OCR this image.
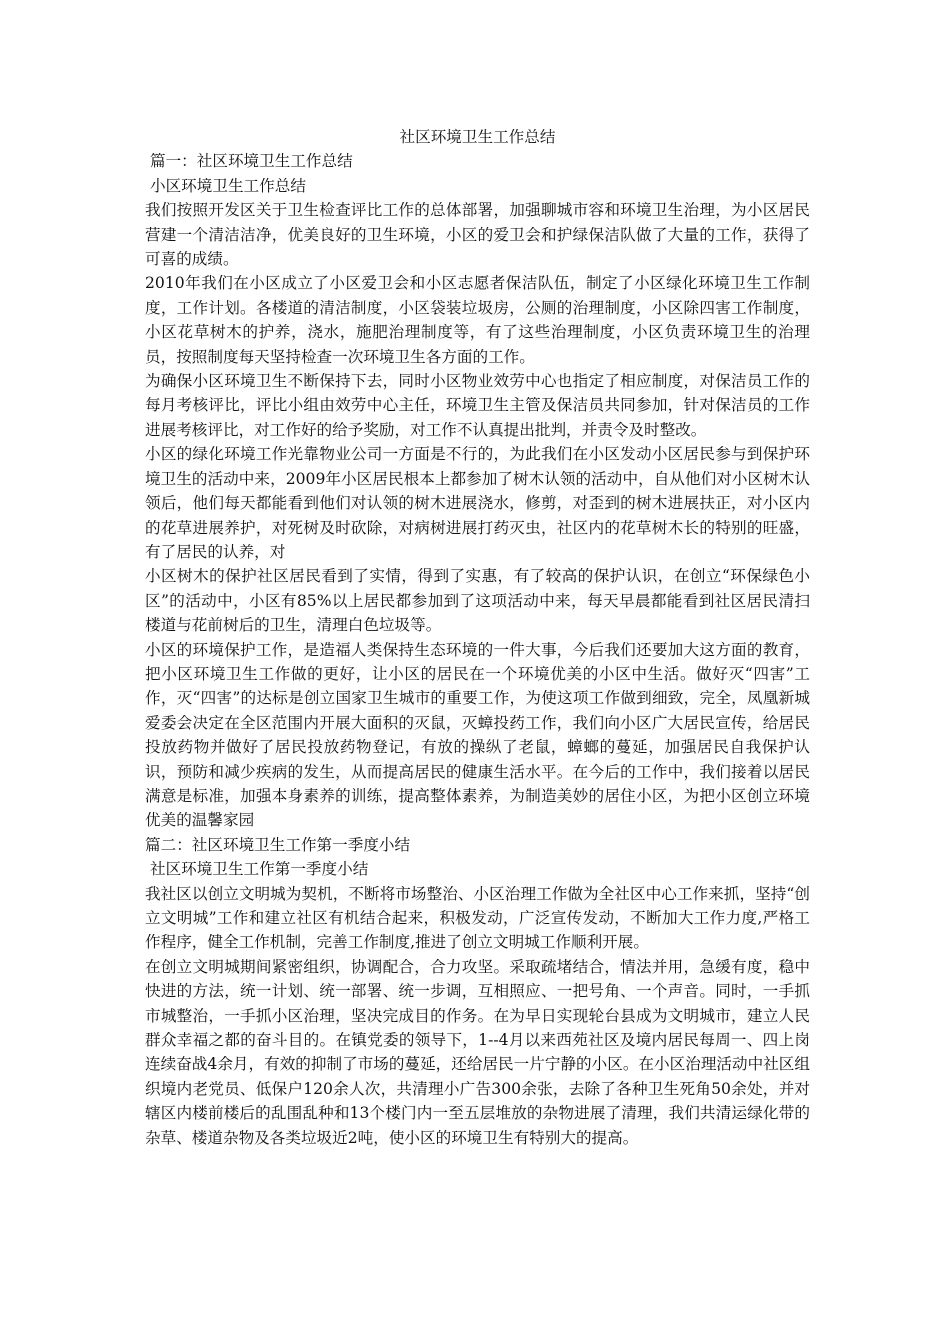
社区环境卫生工作总结

篇一：社区环境卫生工作总结

小区环境卫生工作总结

我们按照开发区关于卫生检查评比工作的总体部署，加强聊城市容和环境卫生治理，为小区居民营建一个清洁洁净，优美良好的卫生环境，小区的爱卫会和护绿保洁队做了大量的工作，获得了可喜的成绩。

2010年我们在小区成立了小区爱卫会和小区志愿者保洁队伍，制定了小区绿化环境卫生工作制度，工作计划。各楼道的清洁制度，小区袋装垃圾房，公厕的治理制度，小区除四害工作制度，小区花草树木的护养，浇水，施肥治理制度等，有了这些治理制度，小区负责环境卫生的治理员，按照制度每天坚持检查一次环境卫生各方面的工作。

为确保小区环境卫生不断保持下去，同时小区物业效劳中心也指定了相应制度，对保洁员工作的每月考核评比，评比小组由效劳中心主任，环境卫生主管及保洁员共同参加，针对保洁员的工作进展考核评比，对工作好的给予奖励，对工作不认真提出批判，并责令及时整改。

小区的绿化环境工作光靠物业公司一方面是不行的，为此我们在小区发动小区居民参与到保护环境卫生的活动中来，2009年小区居民根本上都参加了树木认领的活动中，自从他们对小区树木认领后，他们每天都能看到他们对认领的树木进展浇水，修剪，对歪到的树木进展扶正，对小区内的花草进展养护，对死树及时砍除，对病树进展打药灭虫，社区内的花草树木长的特别的旺盛，有了居民的认养，对

小区树木的保护社区居民看到了实情，得到了实惠，有了较高的保护认识，在创立“环保绿色小区”的活动中，小区有85%以上居民都参加到了这项活动中来，每天早晨都能看到社区居民清扫楼道与花前树后的卫生，清理白色垃圾等。

小区的环境保护工作，是造福人类保持生态环境的一件大事，今后我们还要加大这方面的教育，把小区环境卫生工作做的更好，让小区的居民在一个环境优美的小区中生活。做好灭“四害”工作，灭“四害”的达标是创立国家卫生城市的重要工作，为使这项工作做到细致，完全，凤凰新城爱委会决定在全区范围内开展大面积的灭鼠，灭蟑投药工作，我们向小区广大居民宣传，给居民投放药物并做好了居民投放药物登记，有放的操纵了老鼠，蟑螂的蔓延，加强居民自我保护认识，预防和减少疾病的发生，从而提高居民的健康生活水平。在今后的工作中，我们接着以居民满意是标准，加强本身素养的训练，提高整体素养，为制造美妙的居住小区，为把小区创立环境优美的温馨家园

篇二：社区环境卫生工作第一季度小结

社区环境卫生工作第一季度小结

我社区以创立文明城为契机，不断将市场整治、小区治理工作做为全社区中心工作来抓，坚持“创立文明城”工作和建立社区有机结合起来，积极发动，广泛宣传发动，不断加大工作力度,严格工作程序，健全工作机制，完善工作制度,推进了创立文明城工作顺利开展。

在创立文明城期间紧密组织，协调配合，合力攻坚。采取疏堵结合，情法并用，急缓有度，稳中快进的方法，统一计划、统一部署、统一步调，互相照应、一把号角、一个声音。同时，一手抓市城整治，一手抓小区治理，坚决完成目的作务。在为早日实现轮台县成为文明城市，建立人民群众幸福之都的奋斗目的。在镇党委的领导下，1--4月以来西苑社区及境内居民每周一、四上岗连续奋战4余月，有效的抑制了市场的蔓延，还给居民一片宁静的小区。在小区治理活动中社区组织境内老党员、低保户120余人次，共清理小广告300余张，去除了各种卫生死角50余处，并对辖区内楼前楼后的乱围乱种和13个楼门内一至五层堆放的杂物进展了清理，我们共清运绿化带的杂草、楼道杂物及各类垃圾近2吨，使小区的环境卫生有特别大的提高。
